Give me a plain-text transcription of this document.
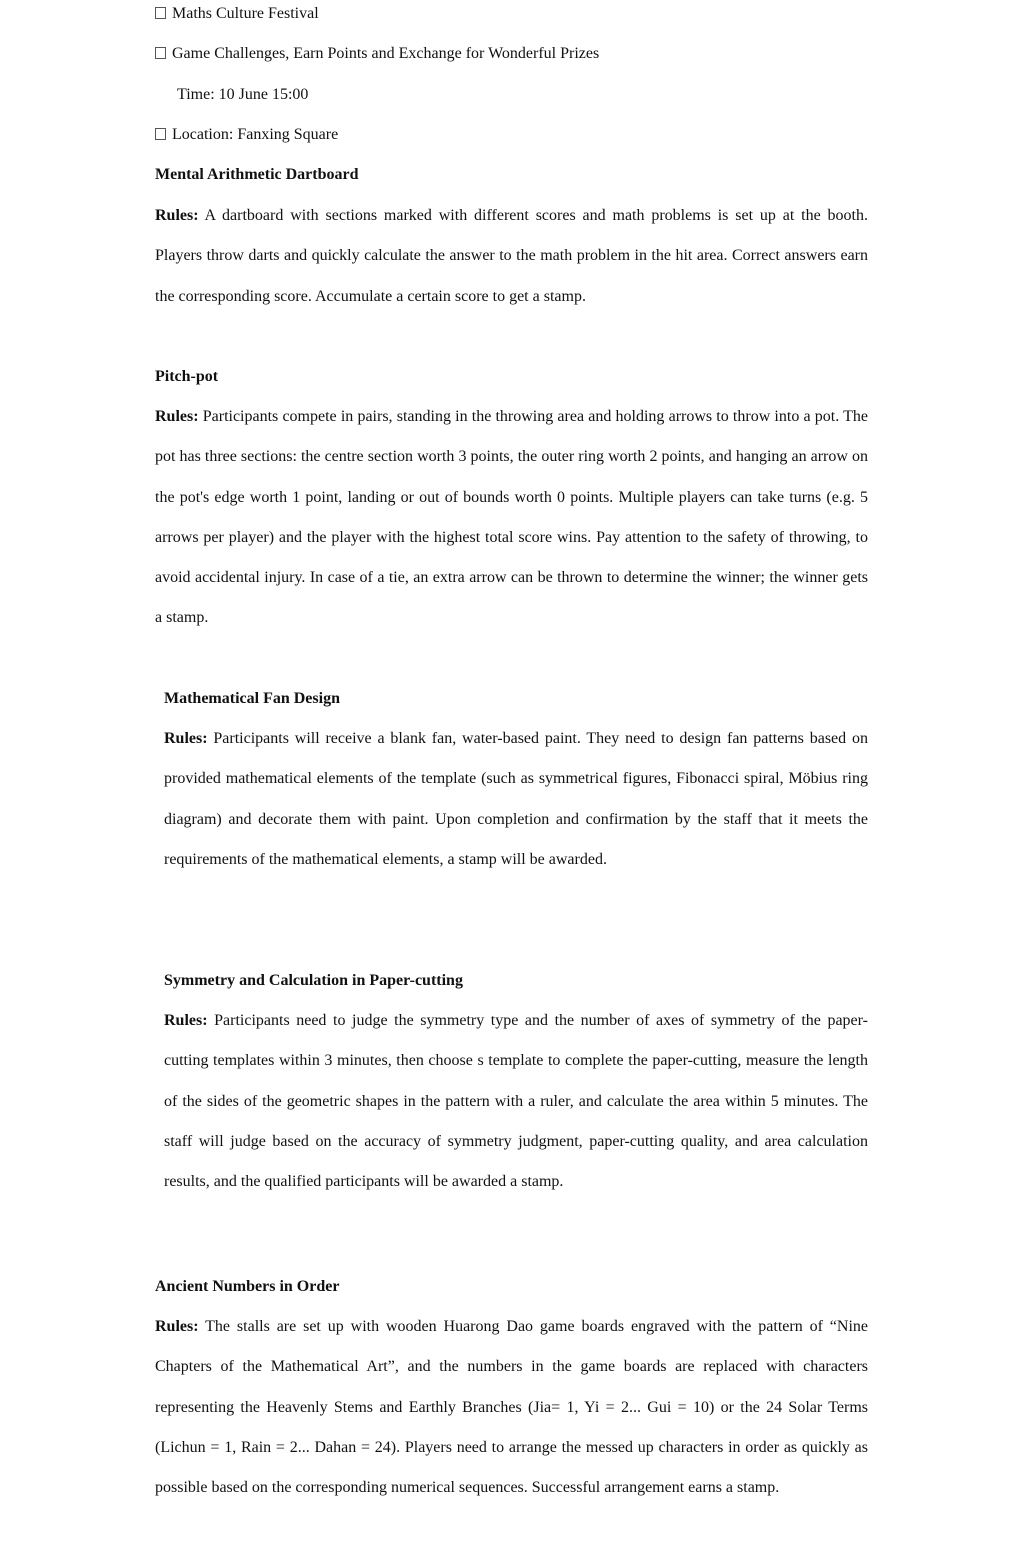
Maths Culture Festival
Game Challenges, Earn Points and Exchange for Wonderful Prizes
Time: 10 June 15:00
Location: Fanxing Square
Mental Arithmetic Dartboard
Rules: A dartboard with sections marked with different scores and math problems is set up at the booth. Players throw darts and quickly calculate the answer to the math problem in the hit area. Correct answers earn the corresponding score. Accumulate a certain score to get a stamp.
Pitch-pot
Rules: Participants compete in pairs, standing in the throwing area and holding arrows to throw into a pot. The pot has three sections: the centre section worth 3 points, the outer ring worth 2 points, and hanging an arrow on the pot's edge worth 1 point, landing or out of bounds worth 0 points. Multiple players can take turns (e.g. 5 arrows per player) and the player with the highest total score wins. Pay attention to the safety of throwing, to avoid accidental injury. In case of a tie, an extra arrow can be thrown to determine the winner; the winner gets a stamp.
Mathematical Fan Design
Rules: Participants will receive a blank fan, water-based paint. They need to design fan patterns based on provided mathematical elements of the template (such as symmetrical figures, Fibonacci spiral, Möbius ring diagram) and decorate them with paint. Upon completion and confirmation by the staff that it meets the requirements of the mathematical elements, a stamp will be awarded.
Symmetry and Calculation in Paper-cutting
Rules: Participants need to judge the symmetry type and the number of axes of symmetry of the paper-cutting templates within 3 minutes, then choose s template to complete the paper-cutting, measure the length of the sides of the geometric shapes in the pattern with a ruler, and calculate the area within 5 minutes. The staff will judge based on the accuracy of symmetry judgment, paper-cutting quality, and area calculation results, and the qualified participants will be awarded a stamp.
Ancient Numbers in Order
Rules: The stalls are set up with wooden Huarong Dao game boards engraved with the pattern of “Nine Chapters of the Mathematical Art”, and the numbers in the game boards are replaced with characters representing the Heavenly Stems and Earthly Branches (Jia= 1, Yi = 2... Gui = 10) or the 24 Solar Terms (Lichun = 1, Rain = 2... Dahan = 24). Players need to arrange the messed up characters in order as quickly as possible based on the corresponding numerical sequences. Successful arrangement earns a stamp.
